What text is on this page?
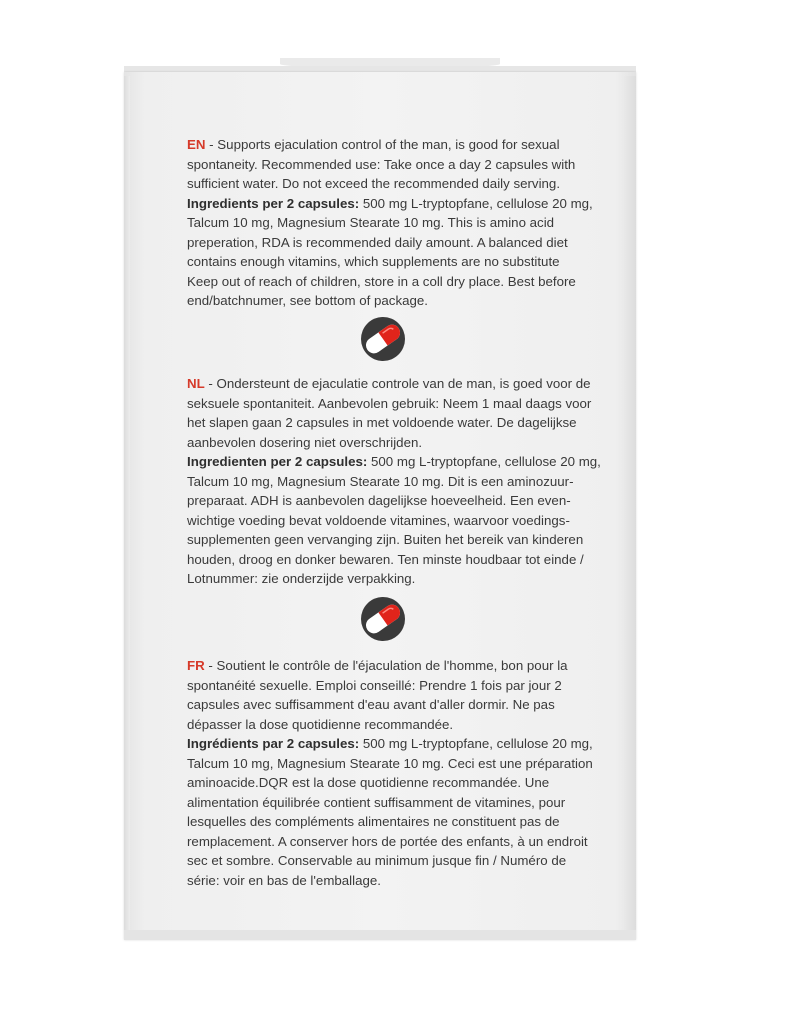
EN - Supports ejaculation control of the man, is good for sexual
spontaneity. Recommended use: Take once a day 2 capsules with
sufficient water. Do not exceed the recommended daily serving.
Ingredients per 2 capsules: 500 mg L-tryptopfane, cellulose 20 mg,
Talcum 10 mg, Magnesium Stearate 10 mg. This is amino acid
preperation, RDA is recommended daily amount. A balanced diet
contains enough vitamins, which supplements are no substitute
Keep out of reach of children, store in a coll dry place. Best before
end/batchnumer, see bottom of package.
NL - Ondersteunt de ejaculatie controle van de man, is goed voor de
seksuele spontaniteit. Aanbevolen gebruik: Neem 1 maal daags voor
het slapen gaan 2 capsules in met voldoende water. De dagelijkse
aanbevolen dosering niet overschrijden.
Ingredienten per 2 capsules: 500 mg L-tryptopfane, cellulose 20 mg,
Talcum 10 mg, Magnesium Stearate 10 mg. Dit is een aminozuur-
preparaat. ADH is aanbevolen dagelijkse hoeveelheid. Een even-
wichtige voeding bevat voldoende vitamines, waarvoor voedings-
supplementen geen vervanging zijn. Buiten het bereik van kinderen
houden, droog en donker bewaren. Ten minste houdbaar tot einde /
Lotnummer: zie onderzijde verpakking.
FR - Soutient le contrôle de l'éjaculation de l'homme, bon pour la
spontanéité sexuelle. Emploi conseillé: Prendre 1 fois par jour 2
capsules avec suffisamment d'eau avant d'aller dormir. Ne pas
dépasser la dose quotidienne recommandée.
Ingrédients par 2 capsules: 500 mg L-tryptopfane, cellulose 20 mg,
Talcum 10 mg, Magnesium Stearate 10 mg. Ceci est une préparation
aminoacide.DQR est la dose quotidienne recommandée. Une
alimentation équilibrée contient suffisamment de vitamines, pour
lesquelles des compléments alimentaires ne constituent pas de
remplacement. A conserver hors de portée des enfants, à un endroit
sec et sombre. Conservable au minimum jusque fin / Numéro de
série: voir en bas de l'emballage.
